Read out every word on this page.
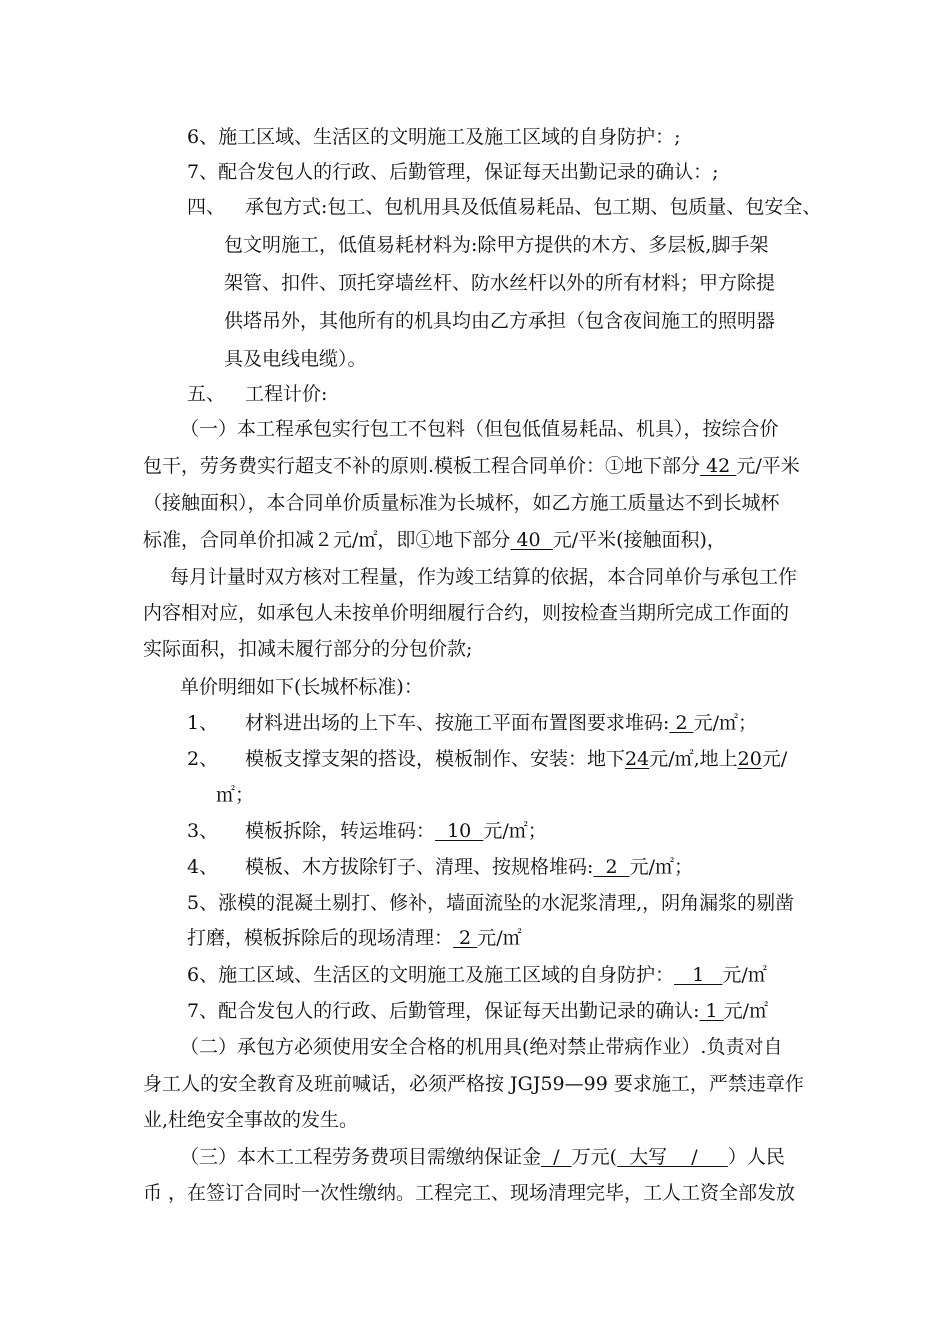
6、施工区域、生活区的文明施工及施工区域的自身防护：;
7、配合发包人的行政、后勤管理，保证每天出勤记录的确认：;
四、 承包方式:包工、包机用具及低值易耗品、包工期、包质量、包安全、
包文明施工，低值易耗材料为:除甲方提供的木方、多层板,脚手架
架管、扣件、顶托穿墙丝杆、防水丝杆以外的所有材料；甲方除提
供塔吊外，其他所有的机具均由乙方承担（包含夜间施工的照明器
具及电线电缆）。
五、 工程计价:
（一）本工程承包实行包工不包料（但包低值易耗品、机具），按综合价
包干，劳务费实行超支不补的原则.模板工程合同单价：①地下部分 42 元/平米
（接触面积），本合同单价质量标准为长城杯，如乙方施工质量达不到长城杯
标准，合同单价扣减２元/㎡，即①地下部分 40  元/平米(接触面积)，
每月计量时双方核对工程量，作为竣工结算的依据，本合同单价与承包工作
内容相对应，如承包人未按单价明细履行合约，则按检查当期所完成工作面的
实际面积，扣减未履行部分的分包价款;
单价明细如下(长城杯标准)：
1、 材料进出场的上下车、按施工平面布置图要求堆码: 2 元/㎡；
2、 模板支撑支架的搭设，模板制作、安装：地下24元/㎡,地上20元/
㎡；
3、 模板拆除，转运堆码：  10  元/㎡；
4、 模板、木方拔除钉子、清理、按规格堆码:  2  元/㎡；
5、涨模的混凝土剔打、修补，墙面流坠的水泥浆清理,，阴角漏浆的剔凿
打磨，模板拆除后的现场清理： 2 元/㎡
6、施工区域、生活区的文明施工及施工区域的自身防护：   1   元/㎡
7、配合发包人的行政、后勤管理，保证每天出勤记录的确认: 1 元/㎡
（二）承包方必须使用安全合格的机用具(绝对禁止带病作业）.负责对自
身工人的安全教育及班前喊话，必须严格按 JGJ59—99 要求施工，严禁违章作
业,杜绝安全事故的发生。
（三）本木工工程劳务费项目需缴纳保证金  /  万元(  大写    /     ）人民
币 ，在签订合同时一次性缴纳。工程完工、现场清理完毕，工人工资全部发放
